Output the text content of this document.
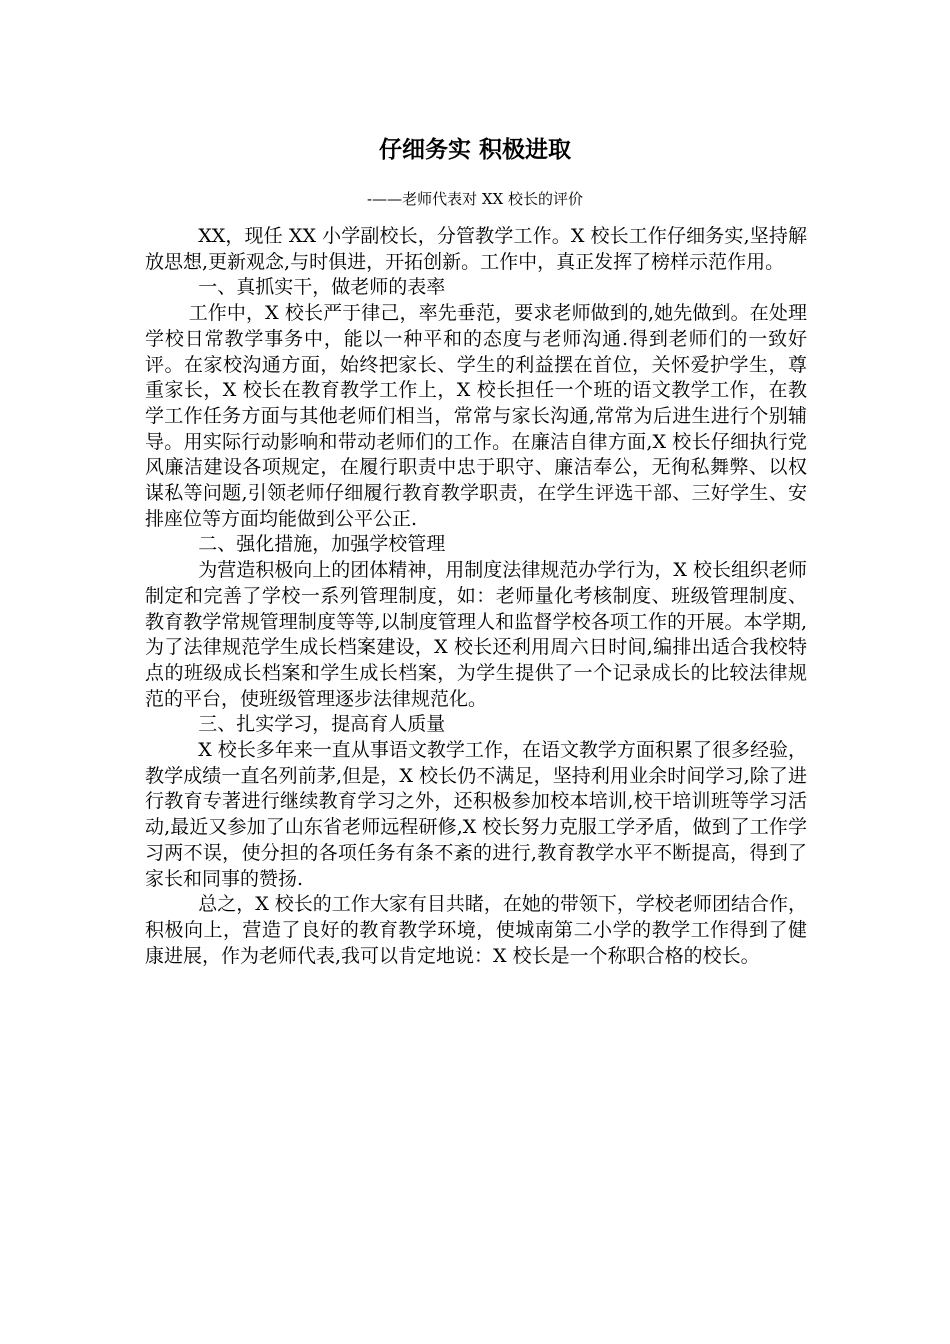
仔细务实 积极进取
-——老师代表对 XX 校长的评价

XX，现任 XX 小学副校长，分管教学工作。X 校长工作仔细务实,坚持解放思想,更新观念,与时俱进，开拓创新。工作中，真正发挥了榜样示范作用。

一、真抓实干，做老师的表率

工作中，X 校长严于律己，率先垂范，要求老师做到的,她先做到。在处理学校日常教学事务中，能以一种平和的态度与老师沟通.得到老师们的一致好评。在家校沟通方面，始终把家长、学生的利益摆在首位，关怀爱护学生，尊重家长，X 校长在教育教学工作上，X 校长担任一个班的语文教学工作，在教学工作任务方面与其他老师们相当，常常与家长沟通,常常为后进生进行个别辅导。用实际行动影响和带动老师们的工作。在廉洁自律方面,X 校长仔细执行党风廉洁建设各项规定，在履行职责中忠于职守、廉洁奉公，无徇私舞弊、以权谋私等问题,引领老师仔细履行教育教学职责，在学生评选干部、三好学生、安排座位等方面均能做到公平公正.

二、强化措施，加强学校管理

为营造积极向上的团体精神，用制度法律规范办学行为，X 校长组织老师制定和完善了学校一系列管理制度，如：老师量化考核制度、班级管理制度、教育教学常规管理制度等等,以制度管理人和监督学校各项工作的开展。本学期,为了法律规范学生成长档案建设，X 校长还利用周六日时间,编排出适合我校特点的班级成长档案和学生成长档案，为学生提供了一个记录成长的比较法律规范的平台，使班级管理逐步法律规范化。

三、扎实学习，提高育人质量

X 校长多年来一直从事语文教学工作，在语文教学方面积累了很多经验，教学成绩一直名列前茅,但是，X 校长仍不满足，坚持利用业余时间学习,除了进行教育专著进行继续教育学习之外，还积极参加校本培训,校干培训班等学习活动,最近又参加了山东省老师远程研修,X 校长努力克服工学矛盾，做到了工作学习两不误，使分担的各项任务有条不紊的进行,教育教学水平不断提高，得到了家长和同事的赞扬.

总之，X 校长的工作大家有目共睹，在她的带领下，学校老师团结合作，积极向上，营造了良好的教育教学环境，使城南第二小学的教学工作得到了健康进展，作为老师代表,我可以肯定地说：X 校长是一个称职合格的校长。
